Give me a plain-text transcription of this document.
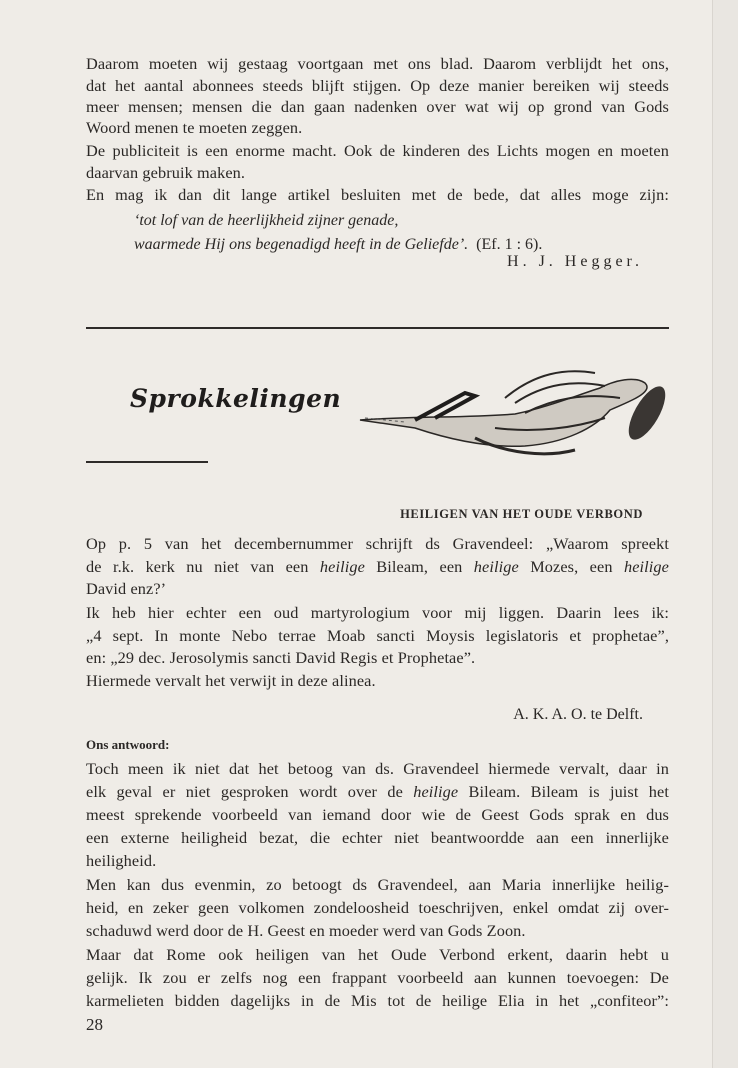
Daarom moeten wij gestaag voortgaan met ons blad. Daarom verblijdt het ons,
dat het aantal abonnees steeds blijft stijgen. Op deze manier bereiken wij steeds
meer mensen; mensen die dan gaan nadenken over wat wij op grond van Gods
Woord menen te moeten zeggen.
De publiciteit is een enorme macht. Ook de kinderen des Lichts mogen en moeten
daarvan gebruik maken.
En mag ik dan dit lange artikel besluiten met de bede, dat alles moge zijn:
‘tot lof van de heerlijkheid zijner genade,
waarmede Hij ons begenadigd heeft in de Geliefde’. (Ef. 1 : 6).
H. J. Hegger.
Sprokkelingen
HEILIGEN VAN HET OUDE VERBOND
Op p. 5 van het decembernummer schrijft ds Gravendeel: „Waarom spreekt
de r.k. kerk nu niet van een heilige Bileam, een heilige Mozes, een heilige
David enz?’
Ik heb hier echter een oud martyrologium voor mij liggen. Daarin lees ik:
„4 sept. In monte Nebo terrae Moab sancti Moysis legislatoris et prophetae”,
en: „29 dec. Jerosolymis sancti David Regis et Prophetae”.
Hiermede vervalt het verwijt in deze alinea.
A. K. A. O. te Delft.
Ons antwoord:
Toch meen ik niet dat het betoog van ds. Gravendeel hiermede vervalt, daar in
elk geval er niet gesproken wordt over de heilige Bileam. Bileam is juist het
meest sprekende voorbeeld van iemand door wie de Geest Gods sprak en dus
een externe heiligheid bezat, die echter niet beantwoordde aan een innerlijke
heiligheid.
Men kan dus evenmin, zo betoogt ds Gravendeel, aan Maria innerlijke heilig-
heid, en zeker geen volkomen zondeloosheid toeschrijven, enkel omdat zij over-
schaduwd werd door de H. Geest en moeder werd van Gods Zoon.
Maar dat Rome ook heiligen van het Oude Verbond erkent, daarin hebt u
gelijk. Ik zou er zelfs nog een frappant voorbeeld aan kunnen toevoegen: De
karmelieten bidden dagelijks in de Mis tot de heilige Elia in het „confiteor”:
28
